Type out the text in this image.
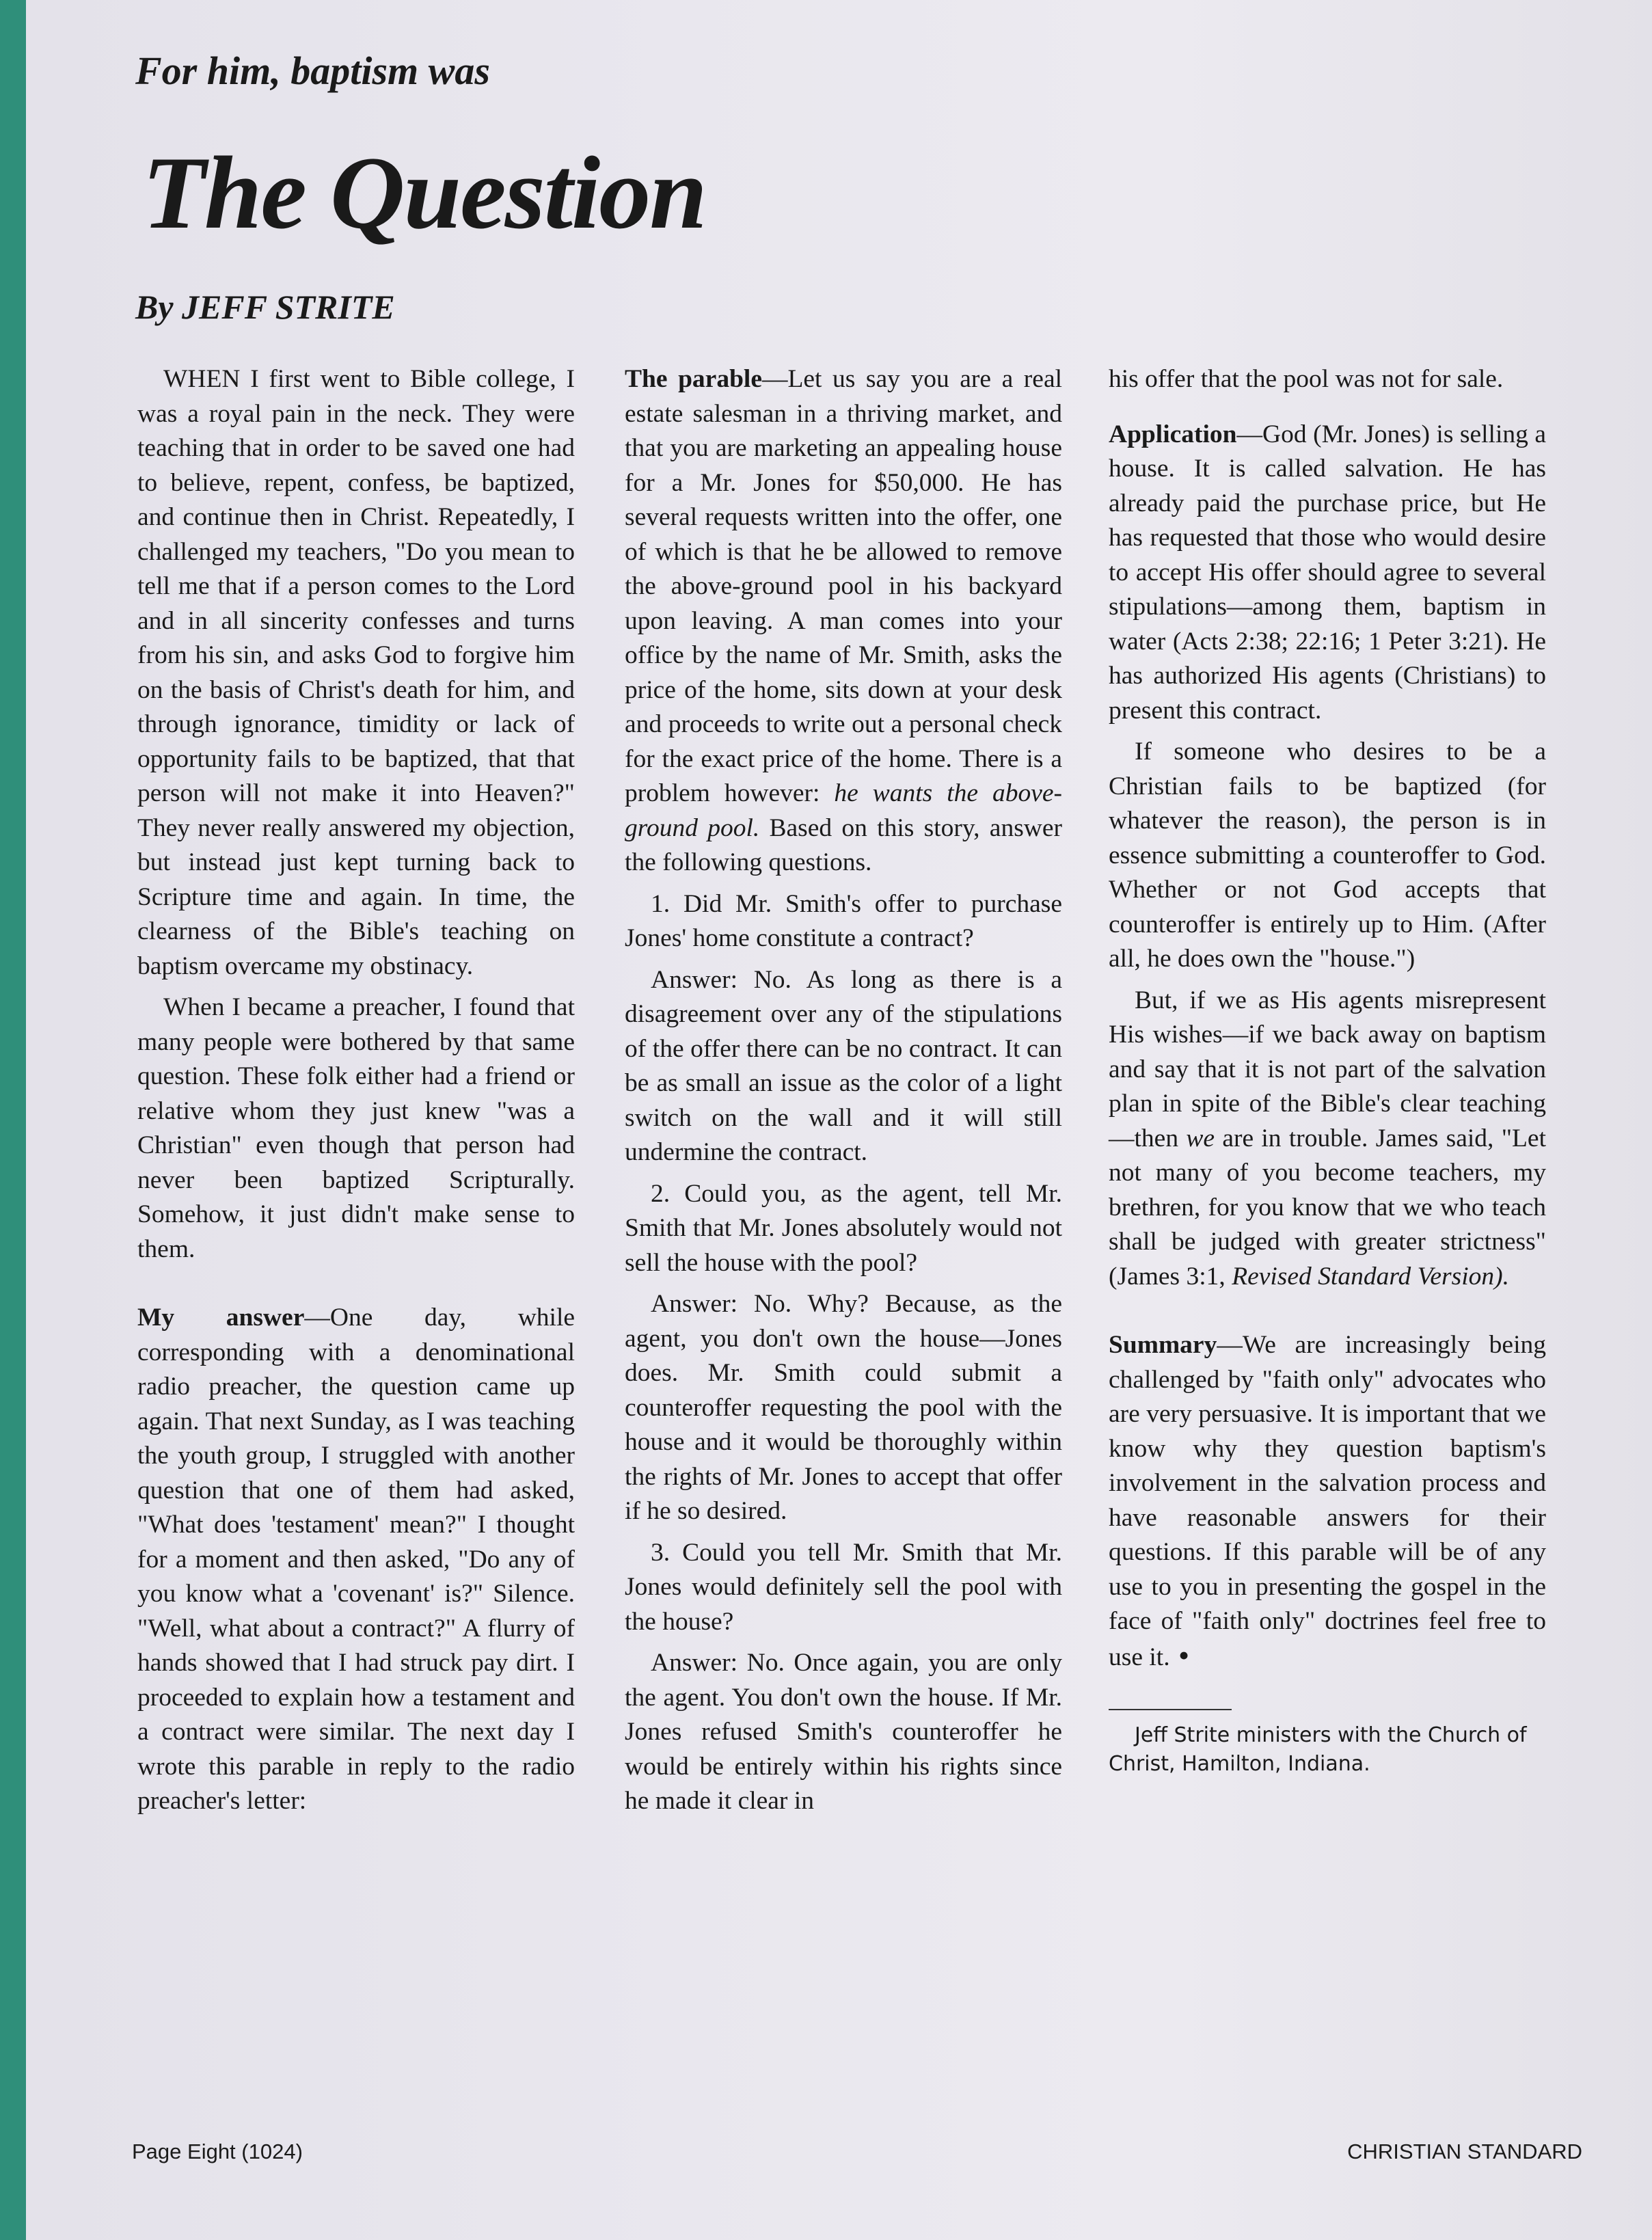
For him, baptism was
The Question
By JEFF STRITE

WHEN I first went to Bible college, I was a royal pain in the neck. They were teaching that in order to be saved one had to believe, repent, confess, be baptized, and continue then in Christ. Repeatedly, I challenged my teachers, "Do you mean to tell me that if a person comes to the Lord and in all sincerity confesses and turns from his sin, and asks God to forgive him on the basis of Christ's death for him, and through ignorance, timidity or lack of opportunity fails to be baptized, that that person will not make it into Heaven?" They never really answered my objection, but instead just kept turning back to Scripture time and again. In time, the clearness of the Bible's teaching on baptism overcame my obstinacy.

When I became a preacher, I found that many people were bothered by that same question. These folk either had a friend or relative whom they just knew "was a Christian" even though that person had never been baptized Scripturally. Somehow, it just didn't make sense to them.

My answer—One day, while corresponding with a denominational radio preacher, the question came up again. That next Sunday, as I was teaching the youth group, I struggled with another question that one of them had asked, "What does 'testament' mean?" I thought for a moment and then asked, "Do any of you know what a 'covenant' is?" Silence. "Well, what about a contract?" A flurry of hands showed that I had struck pay dirt. I proceeded to explain how a testament and a contract were similar. The next day I wrote this parable in reply to the radio preacher's letter:

The parable—Let us say you are a real estate salesman in a thriving market, and that you are marketing an appealing house for a Mr. Jones for $50,000. He has several requests written into the offer, one of which is that he be allowed to remove the above-ground pool in his backyard upon leaving. A man comes into your office by the name of Mr. Smith, asks the price of the home, sits down at your desk and proceeds to write out a personal check for the exact price of the home. There is a problem however: he wants the above-ground pool. Based on this story, answer the following questions.

1. Did Mr. Smith's offer to purchase Jones' home constitute a contract?

Answer: No. As long as there is a disagreement over any of the stipulations of the offer there can be no contract. It can be as small an issue as the color of a light switch on the wall and it will still undermine the contract.

2. Could you, as the agent, tell Mr. Smith that Mr. Jones absolutely would not sell the house with the pool?

Answer: No. Why? Because, as the agent, you don't own the house—Jones does. Mr. Smith could submit a counteroffer requesting the pool with the house and it would be thoroughly within the rights of Mr. Jones to accept that offer if he so desired.

3. Could you tell Mr. Smith that Mr. Jones would definitely sell the pool with the house?

Answer: No. Once again, you are only the agent. You don't own the house. If Mr. Jones refused Smith's counteroffer he would be entirely within his rights since he made it clear in

his offer that the pool was not for sale.

Application—God (Mr. Jones) is selling a house. It is called salvation. He has already paid the purchase price, but He has requested that those who would desire to accept His offer should agree to several stipulations—among them, baptism in water (Acts 2:38; 22:16; 1 Peter 3:21). He has authorized His agents (Christians) to present this contract.

If someone who desires to be a Christian fails to be baptized (for whatever the reason), the person is in essence submitting a counteroffer to God. Whether or not God accepts that counteroffer is entirely up to Him. (After all, he does own the "house.")

But, if we as His agents misrepresent His wishes—if we back away on baptism and say that it is not part of the salvation plan in spite of the Bible's clear teaching—then we are in trouble. James said, "Let not many of you become teachers, my brethren, for you know that we who teach shall be judged with greater strictness" (James 3:1, Revised Standard Version).

Summary—We are increasingly being challenged by "faith only" advocates who are very persuasive. It is important that we know why they question baptism's involvement in the salvation process and have reasonable answers for their questions. If this parable will be of any use to you in presenting the gospel in the face of "faith only" doctrines feel free to use it. •

Jeff Strite ministers with the Church of Christ, Hamilton, Indiana.

Page Eight (1024)	CHRISTIAN STANDARD
